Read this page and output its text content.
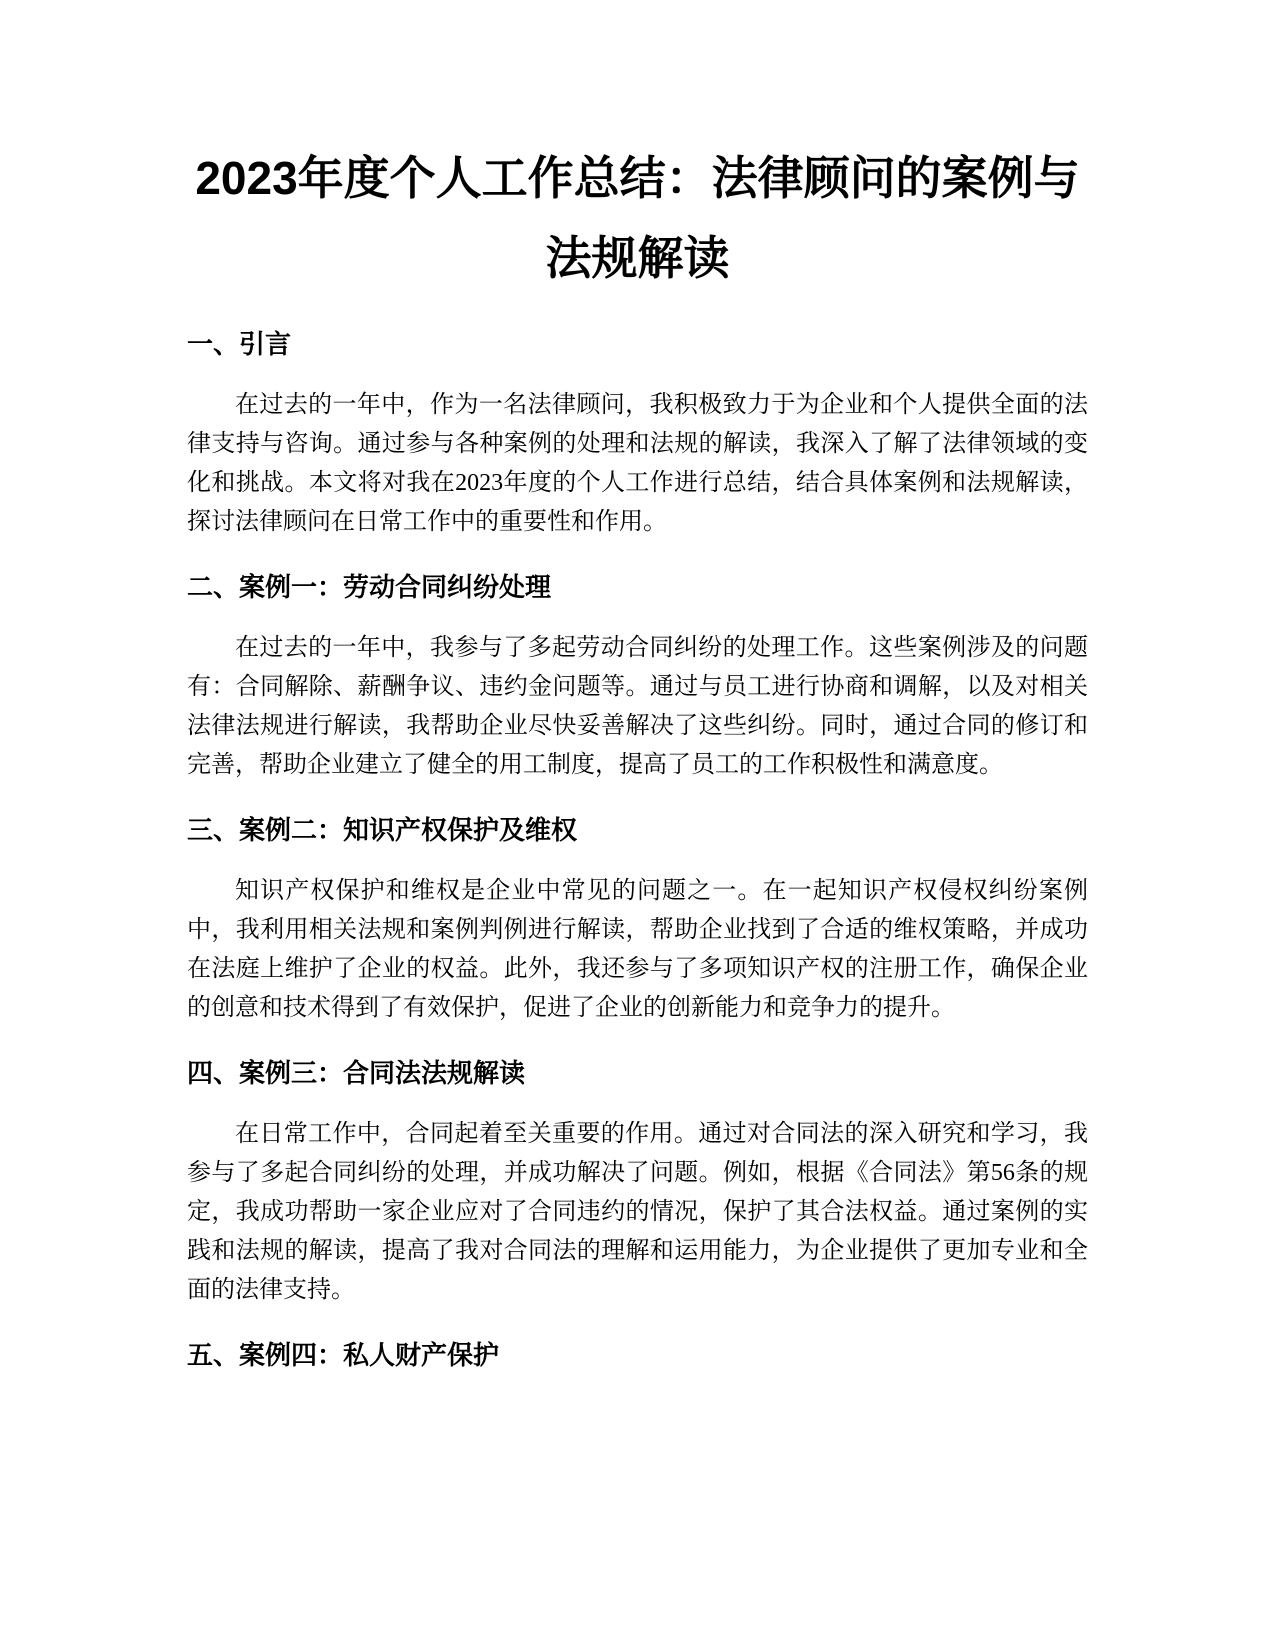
2023年度个人工作总结：法律顾问的案例与
法规解读
一、引言

在过去的一年中，作为一名法律顾问，我积极致力于为企业和个人提供全面的法律支持与咨询。通过参与各种案例的处理和法规的解读，我深入了解了法律领域的变化和挑战。本文将对我在2023年度的个人工作进行总结，结合具体案例和法规解读，探讨法律顾问在日常工作中的重要性和作用。

二、案例一：劳动合同纠纷处理

在过去的一年中，我参与了多起劳动合同纠纷的处理工作。这些案例涉及的问题有：合同解除、薪酬争议、违约金问题等。通过与员工进行协商和调解，以及对相关法律法规进行解读，我帮助企业尽快妥善解决了这些纠纷。同时，通过合同的修订和完善，帮助企业建立了健全的用工制度，提高了员工的工作积极性和满意度。

三、案例二：知识产权保护及维权

知识产权保护和维权是企业中常见的问题之一。在一起知识产权侵权纠纷案例中，我利用相关法规和案例判例进行解读，帮助企业找到了合适的维权策略，并成功在法庭上维护了企业的权益。此外，我还参与了多项知识产权的注册工作，确保企业的创意和技术得到了有效保护，促进了企业的创新能力和竞争力的提升。

四、案例三：合同法法规解读

在日常工作中，合同起着至关重要的作用。通过对合同法的深入研究和学习，我参与了多起合同纠纷的处理，并成功解决了问题。例如，根据《合同法》第56条的规定，我成功帮助一家企业应对了合同违约的情况，保护了其合法权益。通过案例的实践和法规的解读，提高了我对合同法的理解和运用能力，为企业提供了更加专业和全面的法律支持。

五、案例四：私人财产保护
